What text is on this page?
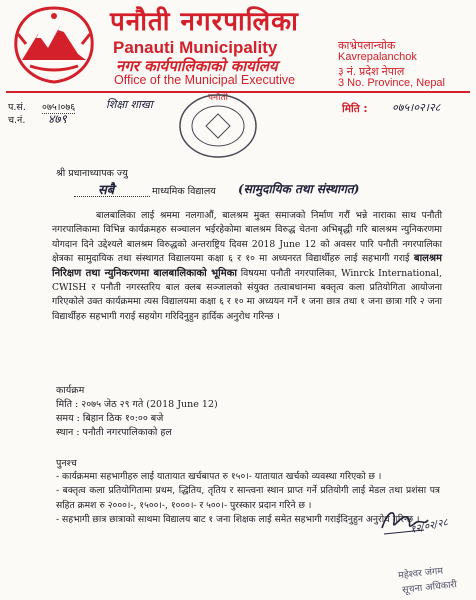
पनौती नगरपालिका
Panauti Municipality
नगर कार्यपालिकाको कार्यालय
Office of the Municipal Executive
काभ्रेपलान्चोक
Kavrepalanchok
३ नं. प्रदेश नेपाल
3 No. Province, Nepal
पनौती
प.सं. ०७५।०७६	शिक्षा शाखा
च.नं. ४७९
मिति : ०७५।०२।२८
श्री प्रधानाध्यापक ज्यु
सबै	माध्यमिक विद्यालय (सामुदायिक तथा संस्थागत)
बालबालिका लाई श्रममा नलगाऔं, बालश्रम मुक्त समाजको निर्माण गरौं भन्ने नाराका साथ पनौती नगरपालिकामा विभिन्न कार्यक्रमहरु सञ्चालन भईरहेकोमा बालश्रम विरुद्ध चेतना अभिबृद्धी गरि बालश्रम न्युनिकरणमा योगदान दिने उद्देश्यले बालश्रम विरुद्धको अन्तराष्ट्रिय दिवस 2018 June 12 को अवसर पारि पनौती नगरपालिका क्षेत्रका सामुदायिक तथा संस्थागत विद्यालयमा कक्षा ६ र १० मा अध्यनरत विद्यार्थीहरु लाई सहभागी गराई बालश्रम निरिक्षण तथा न्युनिकरणमा बालबालिकाको भूमिका विषयमा पनौती नगरपालिका, Winrck International, CWISH र पनौती नगरस्तरिय बाल क्लब सञ्जालको संयुक्त तत्वाबधानमा बक्तृत्व कला प्रतियोगिता आयोजना गरिएकोले उक्त कार्यक्रममा त्यस विद्यालयमा कक्षा ६ र १० मा अध्ययन गर्ने १ जना छात्र तथा १ जना छात्रा गरि २ जना विद्यार्थीहरु सहभागी गराई सहयोग गरिदिनुहुन हार्दिक अनुरोध गरिन्छ ।
कार्यक्रम
मिति : २०७५ जेठ २९ गते (2018 June 12)
समय : बिहान ठिक १०:०० बजे
स्थान : पनौती नगरपालिकाको हल
पुनश्च
- कार्यक्रममा सहभागीहरु लाई यातायात खर्चबापत रु १५०।- यातायात खर्चको व्यवस्था गरिएको छ ।
- बक्तृत्व कला प्रतियोगितामा प्रथम, द्धितिय, तृतिय र सान्त्वना स्थान प्राप्त गर्ने प्रतियोगी लाई मेडल तथा प्रशंसा पत्र सहित क्रमश रु २०००।-, १५००।-, १०००।- र ५००।- पुरस्कार प्रदान गरिने छ ।
- सहभागी छात्र छात्राको साथमा विद्यालय बाट १ जना शिक्षक लाई समेत सहभागी गराईदिनुहुन अनुरोध गरिन्छ ।
१२/०२/२८
महेश्वर जंगम
सूचना अधिकारी
